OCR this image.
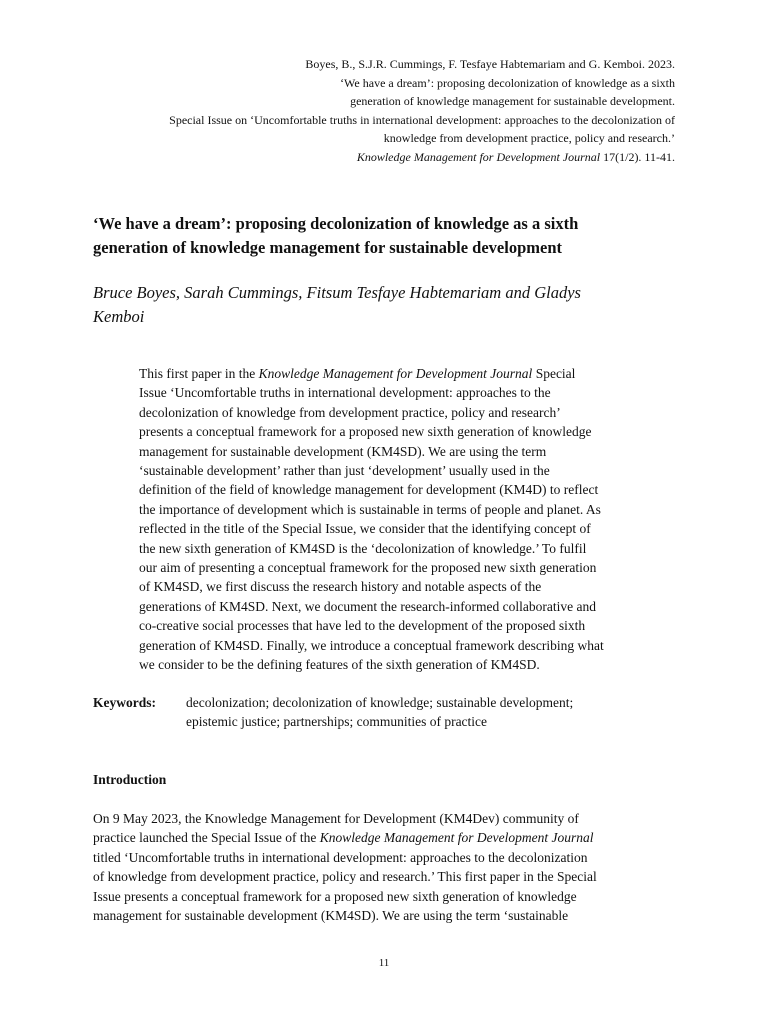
Boyes, B., S.J.R. Cummings, F. Tesfaye Habtemariam and G. Kemboi. 2023.
‘We have a dream’: proposing decolonization of knowledge as a sixth
generation of knowledge management for sustainable development.
Special Issue on ‘Uncomfortable truths in international development: approaches to the decolonization of
knowledge from development practice, policy and research.’
Knowledge Management for Development Journal 17(1/2). 11-41.
‘We have a dream’: proposing decolonization of knowledge as a sixth
generation of knowledge management for sustainable development

Bruce Boyes, Sarah Cummings, Fitsum Tesfaye Habtemariam and Gladys
Kemboi

This first paper in the Knowledge Management for Development Journal Special
Issue ‘Uncomfortable truths in international development: approaches to the
decolonization of knowledge from development practice, policy and research’
presents a conceptual framework for a proposed new sixth generation of knowledge
management for sustainable development (KM4SD). We are using the term
‘sustainable development’ rather than just ‘development’ usually used in the
definition of the field of knowledge management for development (KM4D) to reflect
the importance of development which is sustainable in terms of people and planet. As
reflected in the title of the Special Issue, we consider that the identifying concept of
the new sixth generation of KM4SD is the ‘decolonization of knowledge.’ To fulfil
our aim of presenting a conceptual framework for the proposed new sixth generation
of KM4SD, we first discuss the research history and notable aspects of the
generations of KM4SD. Next, we document the research-informed collaborative and
co-creative social processes that have led to the development of the proposed sixth
generation of KM4SD. Finally, we introduce a conceptual framework describing what
we consider to be the defining features of the sixth generation of KM4SD.

Keywords: decolonization; decolonization of knowledge; sustainable development;
epistemic justice; partnerships; communities of practice
Introduction

On 9 May 2023, the Knowledge Management for Development (KM4Dev) community of
practice launched the Special Issue of the Knowledge Management for Development Journal
titled ‘Uncomfortable truths in international development: approaches to the decolonization
of knowledge from development practice, policy and research.’ This first paper in the Special
Issue presents a conceptual framework for a proposed new sixth generation of knowledge
management for sustainable development (KM4SD). We are using the term ‘sustainable

11
